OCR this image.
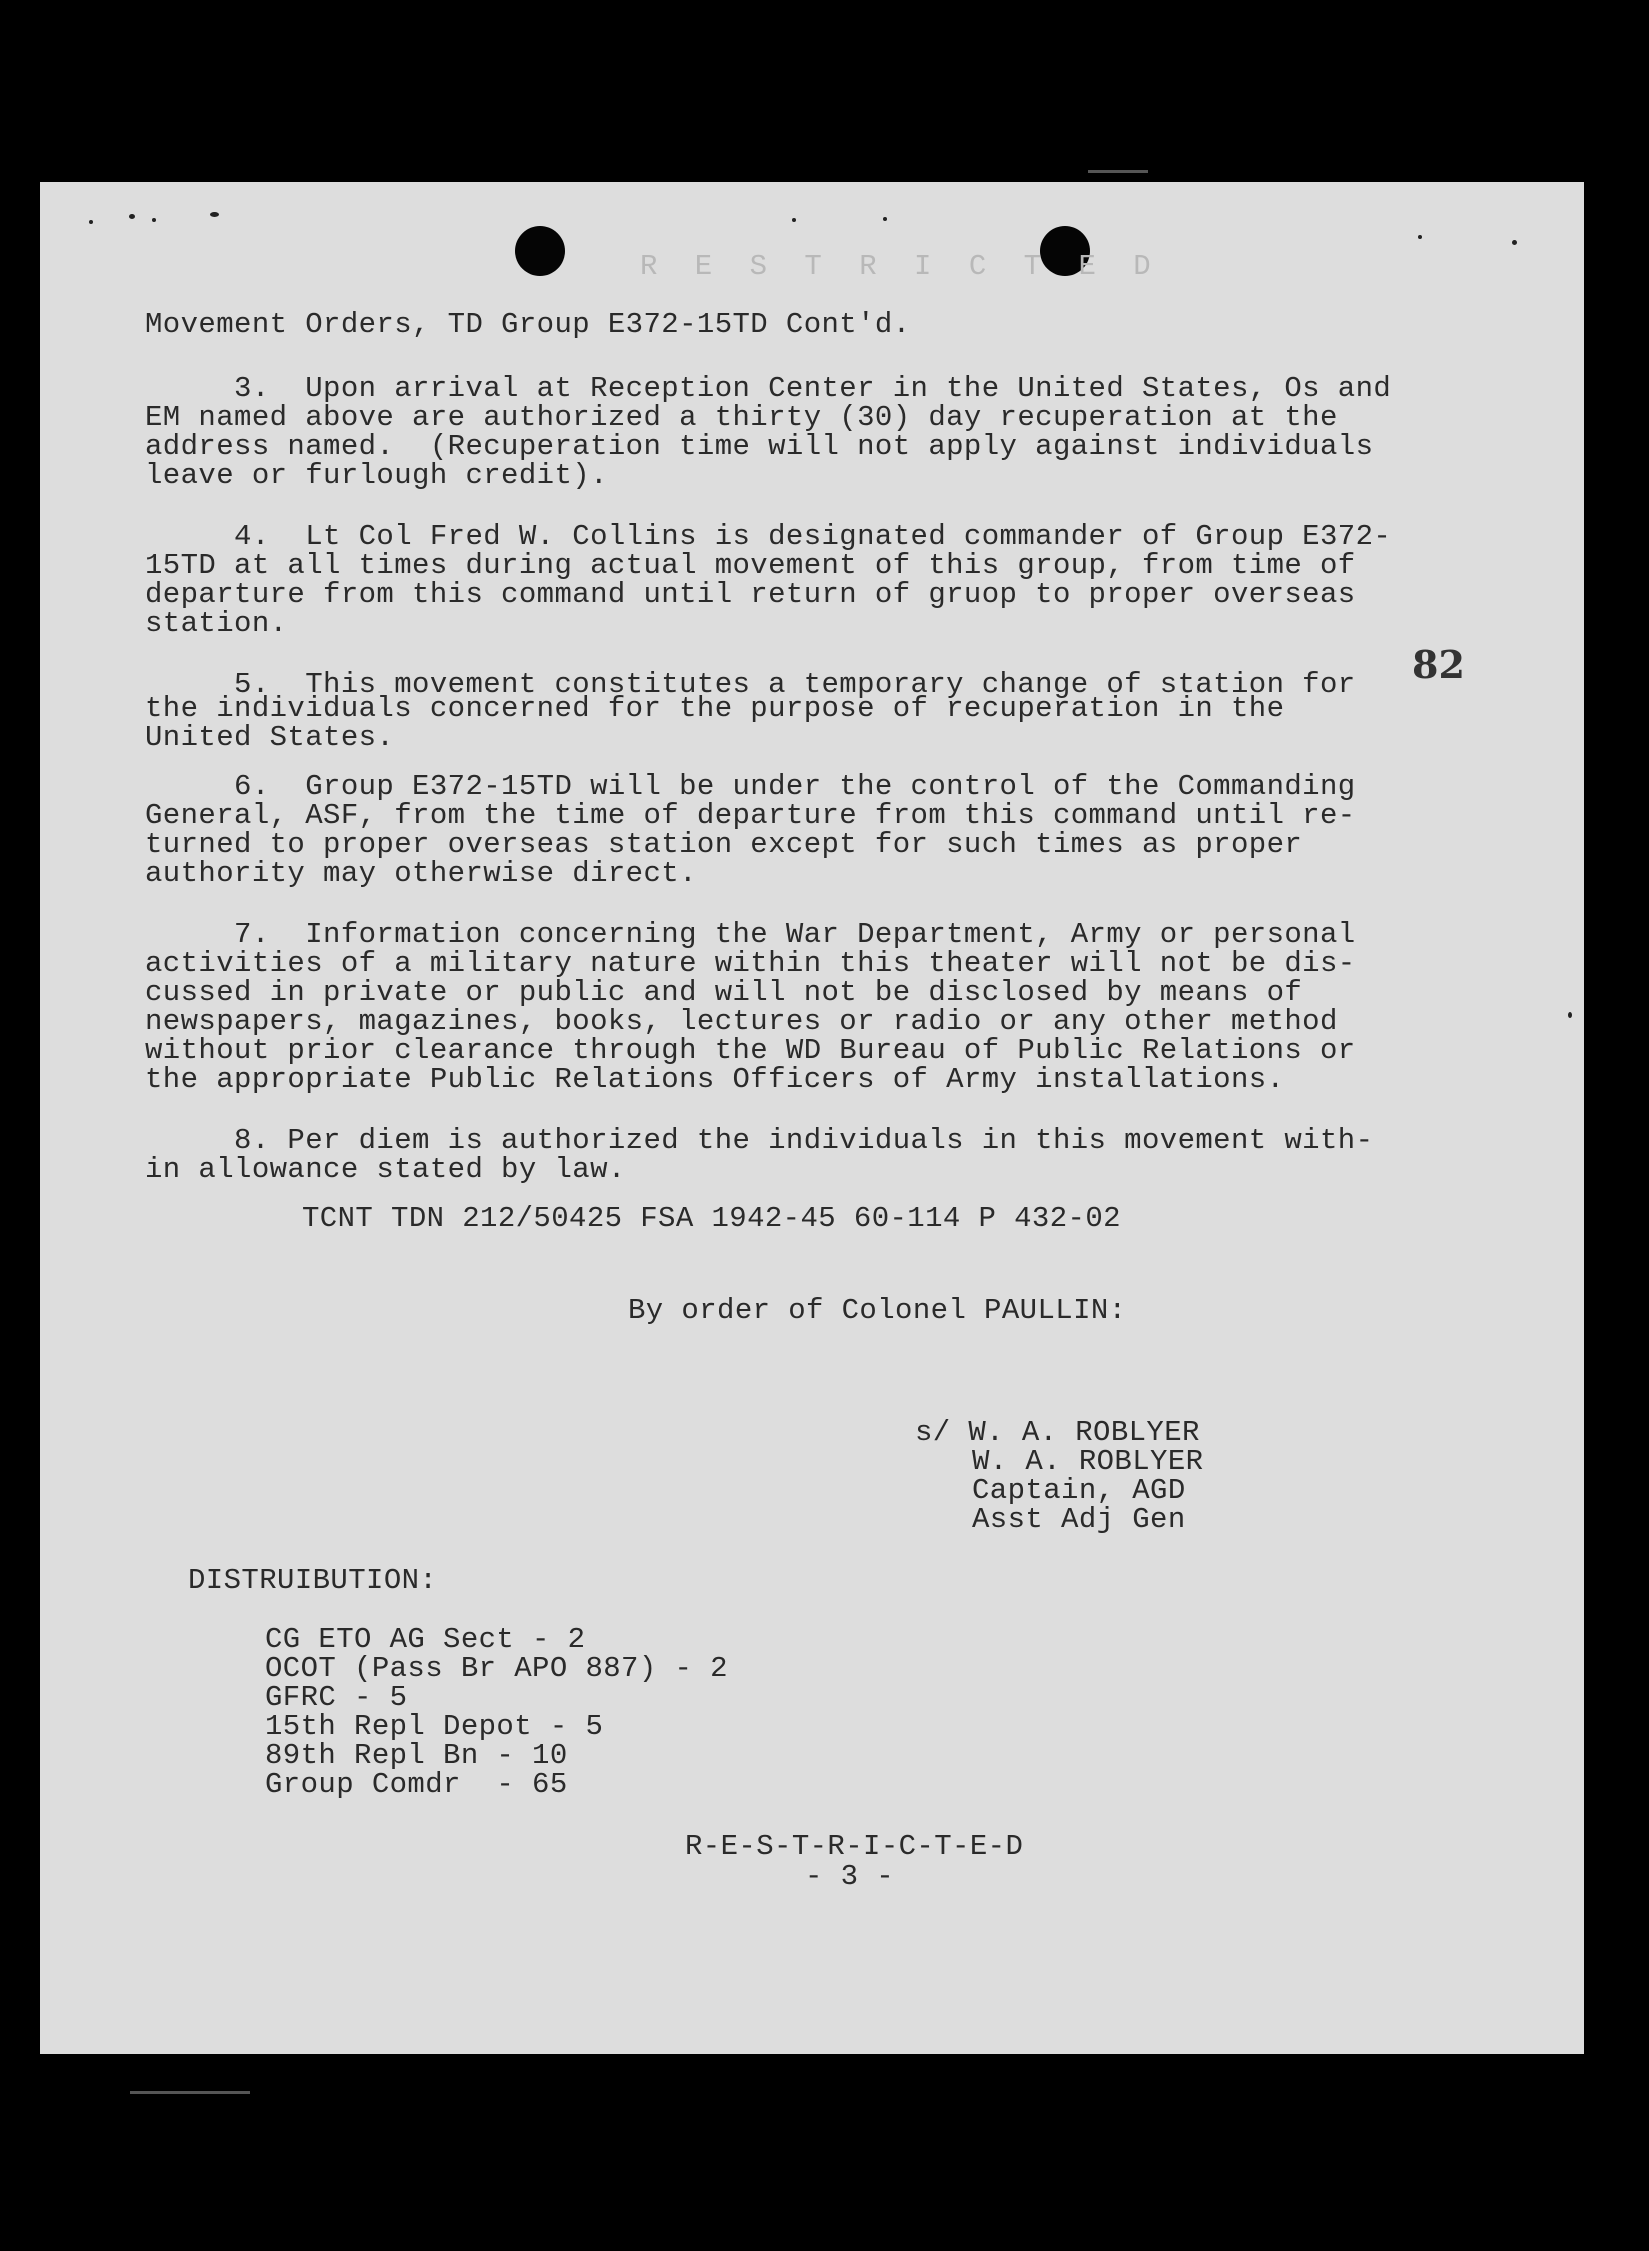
R E S T R I C T E D

Movement Orders, TD Group E372-15TD Cont'd.

3.  Upon arrival at Reception Center in the United States, Os and

EM named above are authorized a thirty (30) day recuperation at the

address named.  (Recuperation time will not apply against individuals

leave or furlough credit).

4.  Lt Col Fred W. Collins is designated commander of Group E372-

15TD at all times during actual movement of this group, from time of

departure from this command until return of gruop to proper overseas

station.

5.  This movement constitutes a temporary change of station for

the individuals concerned for the purpose of recuperation in the

United States.

82

6.  Group E372-15TD will be under the control of the Commanding

General, ASF, from the time of departure from this command until re-

turned to proper overseas station except for such times as proper

authority may otherwise direct.

7.  Information concerning the War Department, Army or personal

activities of a military nature within this theater will not be dis-

cussed in private or public and will not be disclosed by means of

newspapers, magazines, books, lectures or radio or any other method

without prior clearance through the WD Bureau of Public Relations or

the appropriate Public Relations Officers of Army installations.

8. Per diem is authorized the individuals in this movement with-

in allowance stated by law.

TCNT TDN 212/50425 FSA 1942-45 60-114 P 432-02

By order of Colonel PAULLIN:

s/ W. A. ROBLYER

W. A. ROBLYER

Captain, AGD

Asst Adj Gen

DISTRUIBUTION:

CG ETO AG Sect - 2

OCOT (Pass Br APO 887) - 2

GFRC - 5

15th Repl Depot - 5

89th Repl Bn - 10

Group Comdr  - 65

R-E-S-T-R-I-C-T-E-D

- 3 -
